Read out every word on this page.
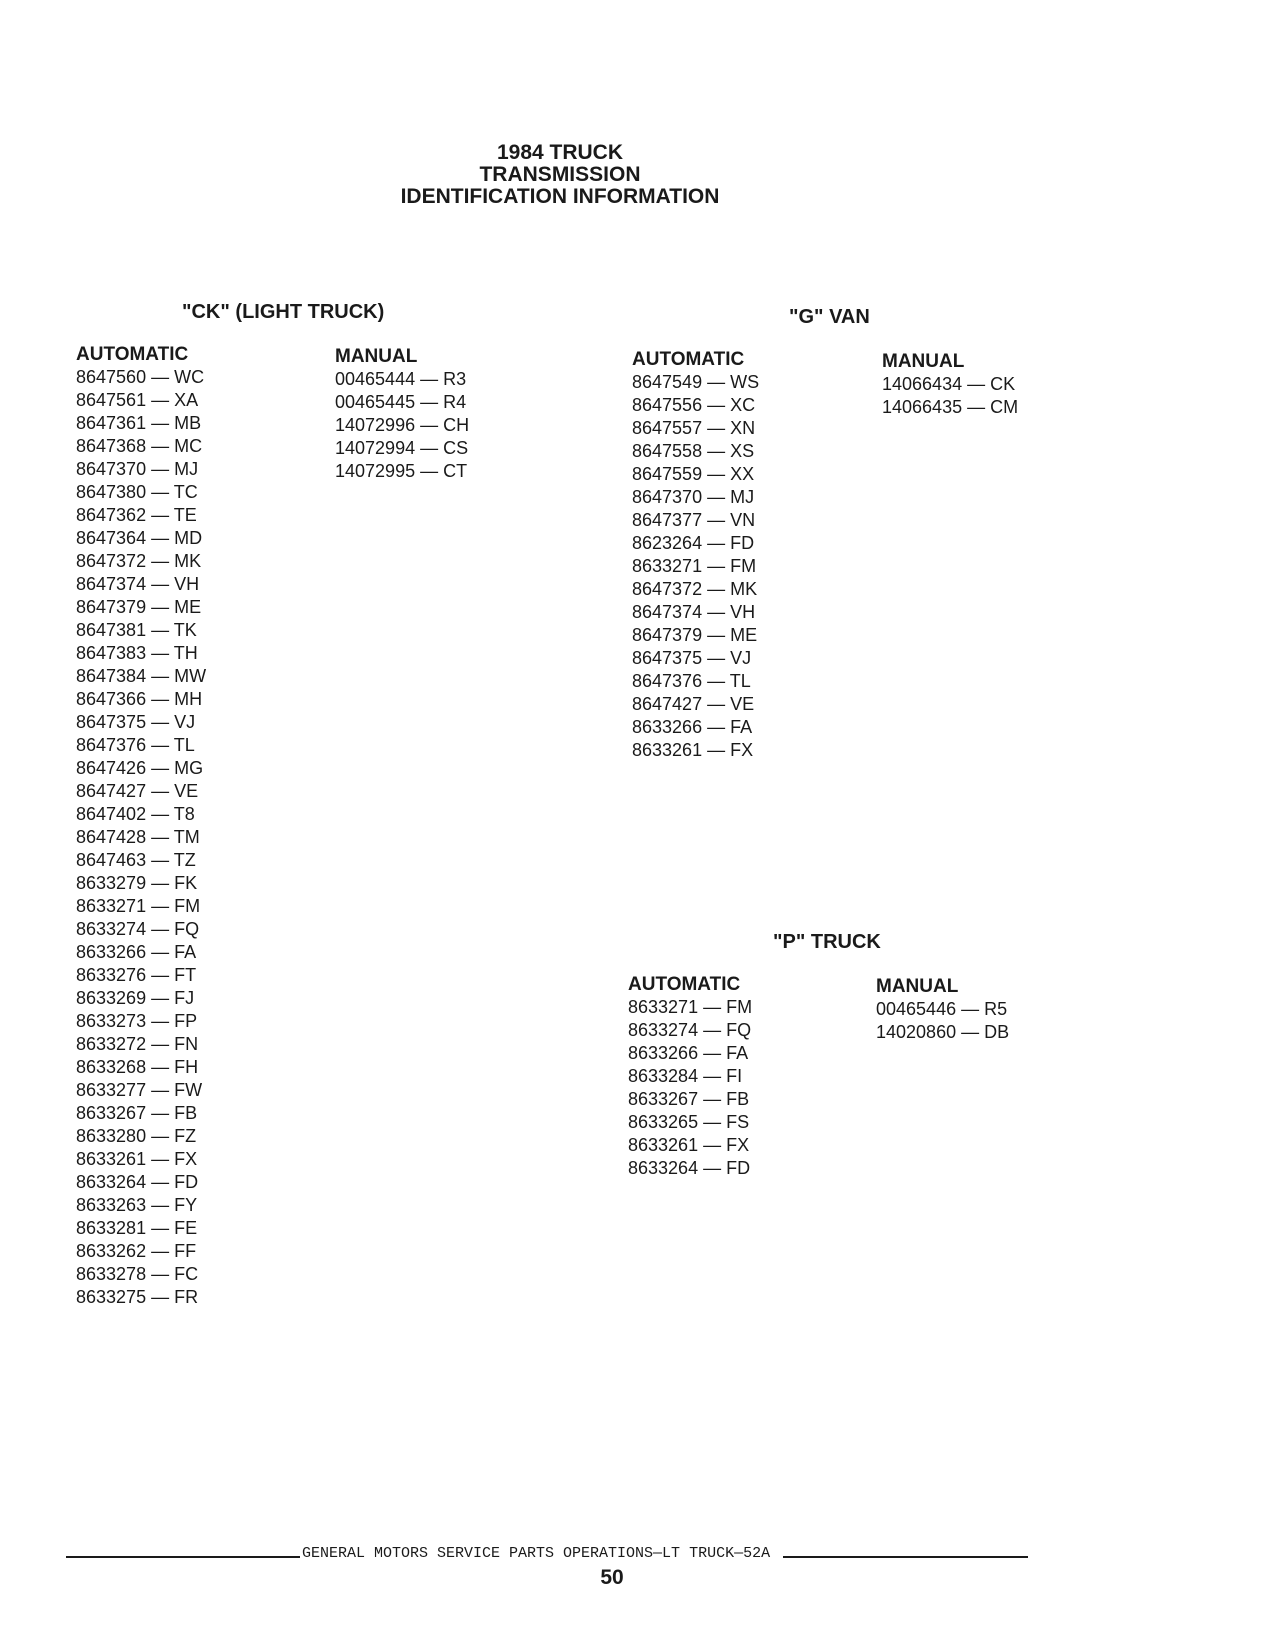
1984 TRUCK
TRANSMISSION
IDENTIFICATION INFORMATION
"CK" (LIGHT TRUCK)
AUTOMATIC
8647560 — WC
8647561 — XA
8647361 — MB
8647368 — MC
8647370 — MJ
8647380 — TC
8647362 — TE
8647364 — MD
8647372 — MK
8647374 — VH
8647379 — ME
8647381 — TK
8647383 — TH
8647384 — MW
8647366 — MH
8647375 — VJ
8647376 — TL
8647426 — MG
8647427 — VE
8647402 — T8
8647428 — TM
8647463 — TZ
8633279 — FK
8633271 — FM
8633274 — FQ
8633266 — FA
8633276 — FT
8633269 — FJ
8633273 — FP
8633272 — FN
8633268 — FH
8633277 — FW
8633267 — FB
8633280 — FZ
8633261 — FX
8633264 — FD
8633263 — FY
8633281 — FE
8633262 — FF
8633278 — FC
8633275 — FR
MANUAL
00465444 — R3
00465445 — R4
14072996 — CH
14072994 — CS
14072995 — CT
"G" VAN
AUTOMATIC
8647549 — WS
8647556 — XC
8647557 — XN
8647558 — XS
8647559 — XX
8647370 — MJ
8647377 — VN
8623264 — FD
8633271 — FM
8647372 — MK
8647374 — VH
8647379 — ME
8647375 — VJ
8647376 — TL
8647427 — VE
8633266 — FA
8633261 — FX
MANUAL
14066434 — CK
14066435 — CM
"P" TRUCK
AUTOMATIC
8633271 — FM
8633274 — FQ
8633266 — FA
8633284 — FI
8633267 — FB
8633265 — FS
8633261 — FX
8633264 — FD
MANUAL
00465446 — R5
14020860 — DB
GENERAL MOTORS SERVICE PARTS OPERATIONS—LT TRUCK—52A
50
